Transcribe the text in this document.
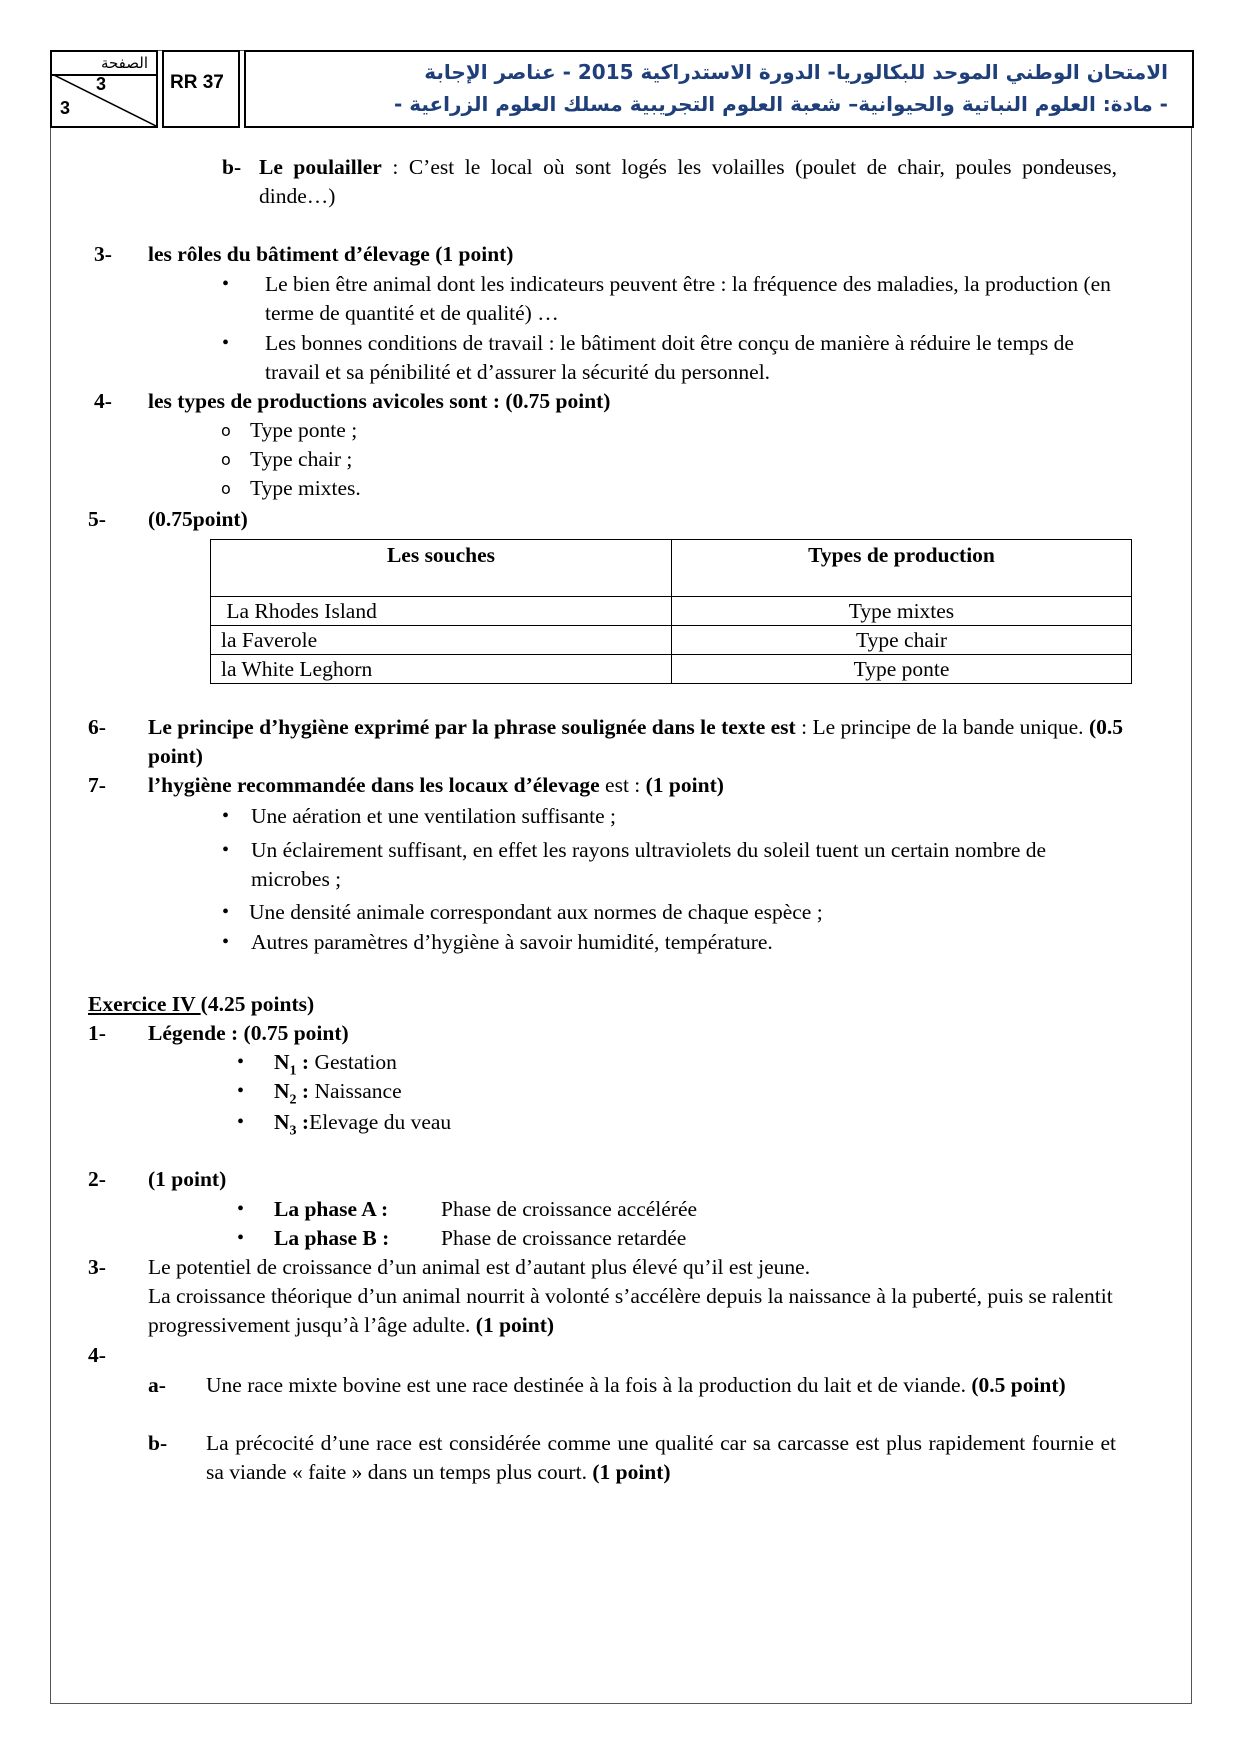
الصفحة
3
3
RR 37	الامتحان الوطني الموحد للبكالوريا- الدورة الاستدراكية 2015 - عناصر الإجابة
- مادة: العلوم النباتية والحيوانية– شعبة العلوم التجريبية مسلك العلوم الزراعية -
b- Le poulailler : C’est le local où sont logés les volailles (poulet de chair, poules pondeuses, dinde…)
3- les rôles du bâtiment d’élevage (1 point)
• Le bien être animal dont les indicateurs peuvent être : la fréquence des maladies, la production (en terme de quantité et de qualité) …
• Les bonnes conditions de travail : le bâtiment doit être conçu de manière à réduire le temps de travail et sa pénibilité et d’assurer la sécurité du personnel.
4- les types de productions avicoles sont : (0.75 point)
o Type ponte ;
o Type chair ;
o Type mixtes.
5- (0.75point)
Les souches	Types de production
La Rhodes Island	Type mixtes
la Faverole	Type chair
la White Leghorn	Type ponte
6- Le principe d’hygiène exprimé par la phrase soulignée dans le texte est : Le principe de la bande unique. (0.5 point)
7- l’hygiène recommandée dans les locaux d’élevage est : (1 point)
• Une aération et une ventilation suffisante ;
• Un éclairement suffisant, en effet les rayons ultraviolets du soleil tuent un certain nombre de microbes ;
• Une densité animale correspondant aux normes de chaque espèce ;
• Autres paramètres d’hygiène à savoir humidité, température.
Exercice IV (4.25 points)
1- Légende : (0.75 point)
• $N_1$ : Gestation
• $N_2$ : Naissance
• $N_3$ :Elevage du veau
2- (1 point)
• La phase A : Phase de croissance accélérée
• La phase B : Phase de croissance retardée
3- Le potentiel de croissance d’un animal est d’autant plus élevé qu’il est jeune.
La croissance théorique d’un animal nourrit à volonté s’accélère depuis la naissance à la puberté, puis se ralentit progressivement jusqu’à l’âge adulte. (1 point)
4-
a- Une race mixte bovine est une race destinée à la fois à la production du lait et de viande. (0.5 point)
b- La précocité d’une race est considérée comme une qualité car sa carcasse est plus rapidement fournie et sa viande « faite » dans un temps plus court. (1 point)
